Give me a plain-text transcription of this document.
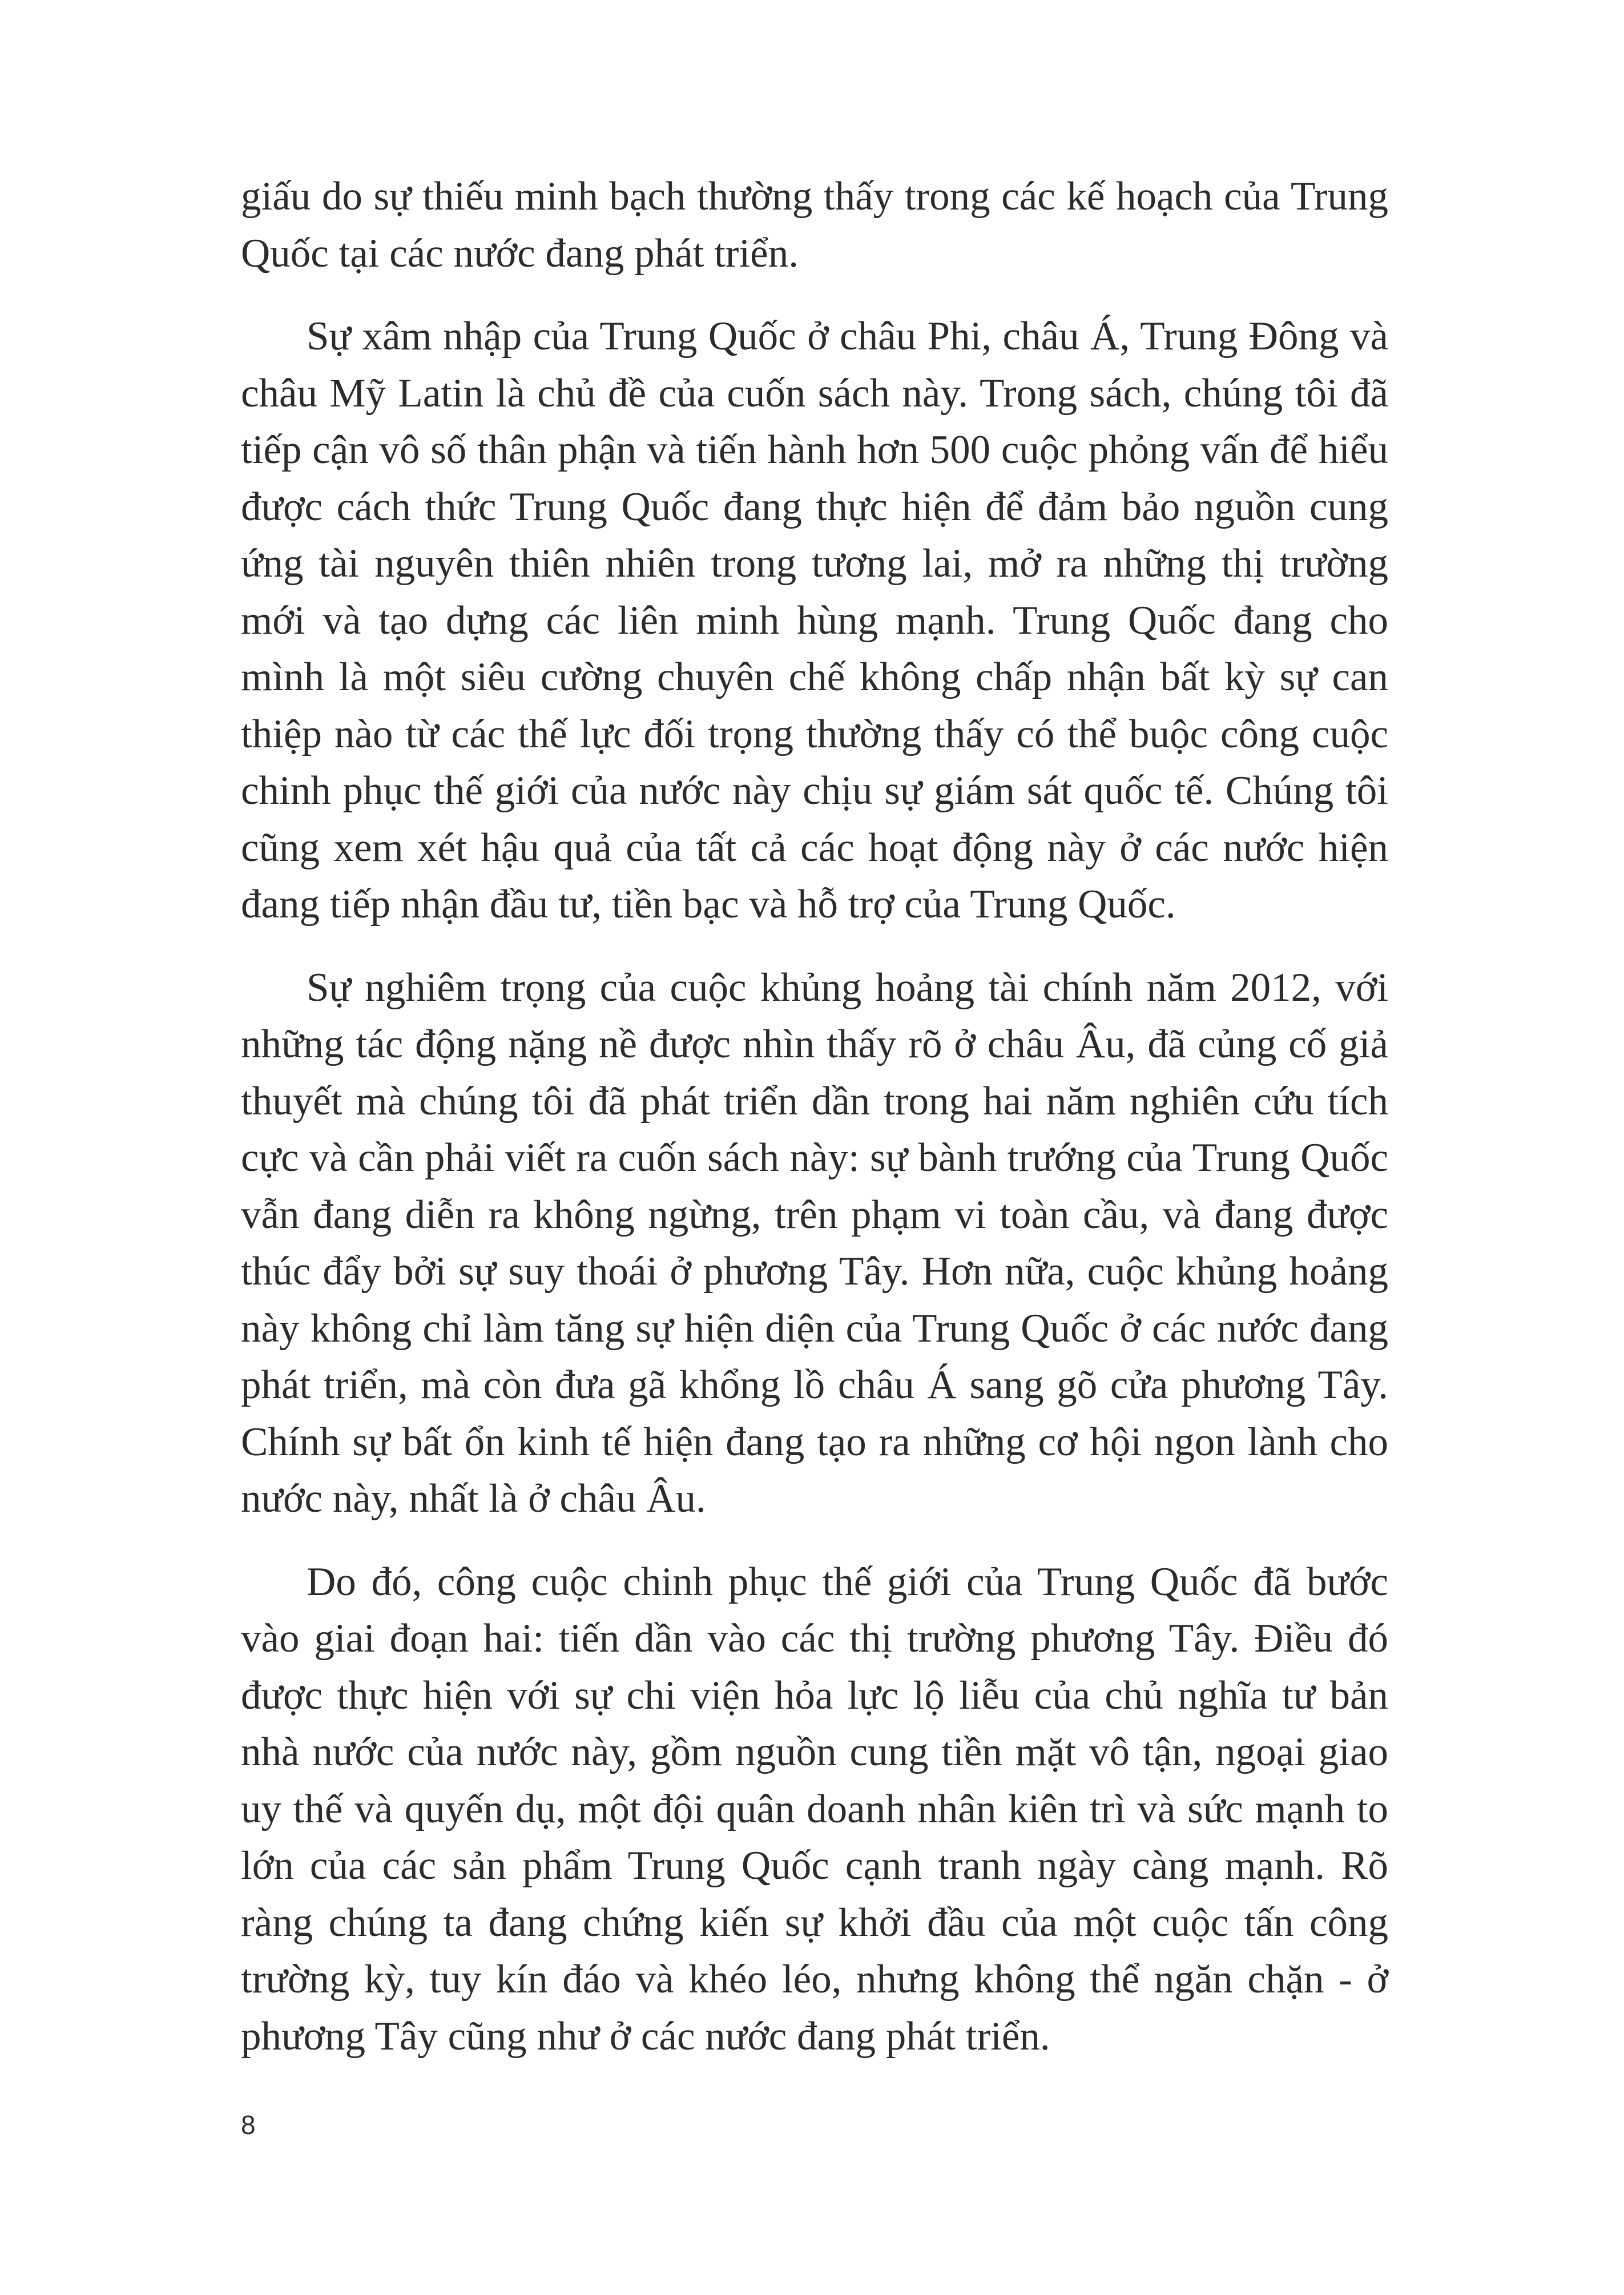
giấu do sự thiếu minh bạch thường thấy trong các kế hoạch của Trung Quốc tại các nước đang phát triển.

Sự xâm nhập của Trung Quốc ở châu Phi, châu Á, Trung Đông và châu Mỹ Latin là chủ đề của cuốn sách này. Trong sách, chúng tôi đã tiếp cận vô số thân phận và tiến hành hơn 500 cuộc phỏng vấn để hiểu được cách thức Trung Quốc đang thực hiện để đảm bảo nguồn cung ứng tài nguyên thiên nhiên trong tương lai, mở ra những thị trường mới và tạo dựng các liên minh hùng mạnh. Trung Quốc đang cho mình là một siêu cường chuyên chế không chấp nhận bất kỳ sự can thiệp nào từ các thế lực đối trọng thường thấy có thể buộc công cuộc chinh phục thế giới của nước này chịu sự giám sát quốc tế. Chúng tôi cũng xem xét hậu quả của tất cả các hoạt động này ở các nước hiện đang tiếp nhận đầu tư, tiền bạc và hỗ trợ của Trung Quốc.

Sự nghiêm trọng của cuộc khủng hoảng tài chính năm 2012, với những tác động nặng nề được nhìn thấy rõ ở châu Âu, đã củng cố giả thuyết mà chúng tôi đã phát triển dần trong hai năm nghiên cứu tích cực và cần phải viết ra cuốn sách này: sự bành trướng của Trung Quốc vẫn đang diễn ra không ngừng, trên phạm vi toàn cầu, và đang được thúc đẩy bởi sự suy thoái ở phương Tây. Hơn nữa, cuộc khủng hoảng này không chỉ làm tăng sự hiện diện của Trung Quốc ở các nước đang phát triển, mà còn đưa gã khổng lồ châu Á sang gõ cửa phương Tây. Chính sự bất ổn kinh tế hiện đang tạo ra những cơ hội ngon lành cho nước này, nhất là ở châu Âu.

Do đó, công cuộc chinh phục thế giới của Trung Quốc đã bước vào giai đoạn hai: tiến dần vào các thị trường phương Tây. Điều đó được thực hiện với sự chi viện hỏa lực lộ liễu của chủ nghĩa tư bản nhà nước của nước này, gồm nguồn cung tiền mặt vô tận, ngoại giao uy thế và quyến dụ, một đội quân doanh nhân kiên trì và sức mạnh to lớn của các sản phẩm Trung Quốc cạnh tranh ngày càng mạnh. Rõ ràng chúng ta đang chứng kiến sự khởi đầu của một cuộc tấn công trường kỳ, tuy kín đáo và khéo léo, nhưng không thể ngăn chặn - ở phương Tây cũng như ở các nước đang phát triển.

8
